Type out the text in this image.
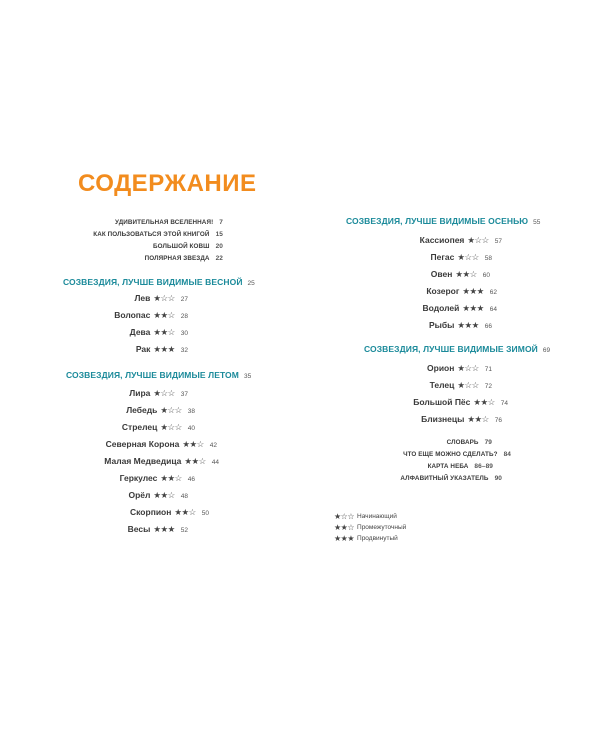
СОДЕРЖАНИЕ
УДИВИТЕЛЬНАЯ ВСЕЛЕННАЯ! 7
КАК ПОЛЬЗОВАТЬСЯ ЭТОЙ КНИГОЙ 15
БОЛЬШОЙ КОВШ 20
ПОЛЯРНАЯ ЗВЕЗДА 22
СОЗВЕЗДИЯ, ЛУЧШЕ ВИДИМЫЕ ВЕСНОЙ 25
Лев ★☆☆ 27
Волопас ★★☆ 28
Дева ★★☆ 30
Рак ★★★ 32
СОЗВЕЗДИЯ, ЛУЧШЕ ВИДИМЫЕ ЛЕТОМ 35
Лира ★☆☆ 37
Лебедь ★☆☆ 38
Стрелец ★☆☆ 40
Северная Корона ★★☆ 42
Малая Медведица ★★☆ 44
Геркулес ★★☆ 46
Орёл ★★☆ 48
Скорпион ★★☆ 50
Весы ★★★ 52
СОЗВЕЗДИЯ, ЛУЧШЕ ВИДИМЫЕ ОСЕНЬЮ 55
Кассиопея ★☆☆ 57
Пегас ★☆☆ 58
Овен ★★☆ 60
Козерог ★★★ 62
Водолей ★★★ 64
Рыбы ★★★ 66
СОЗВЕЗДИЯ, ЛУЧШЕ ВИДИМЫЕ ЗИМОЙ 69
Орион ★☆☆ 71
Телец ★☆☆ 72
Большой Пёс ★★☆ 74
Близнецы ★★☆ 76
СЛОВАРЬ 79
ЧТО ЕЩЕ МОЖНО СДЕЛАТЬ? 84
КАРТА НЕБА 86–89
АЛФАВИТНЫЙ УКАЗАТЕЛЬ 90
★☆☆ Начинающий
★★☆ Промежуточный
★★★ Продвинутый
